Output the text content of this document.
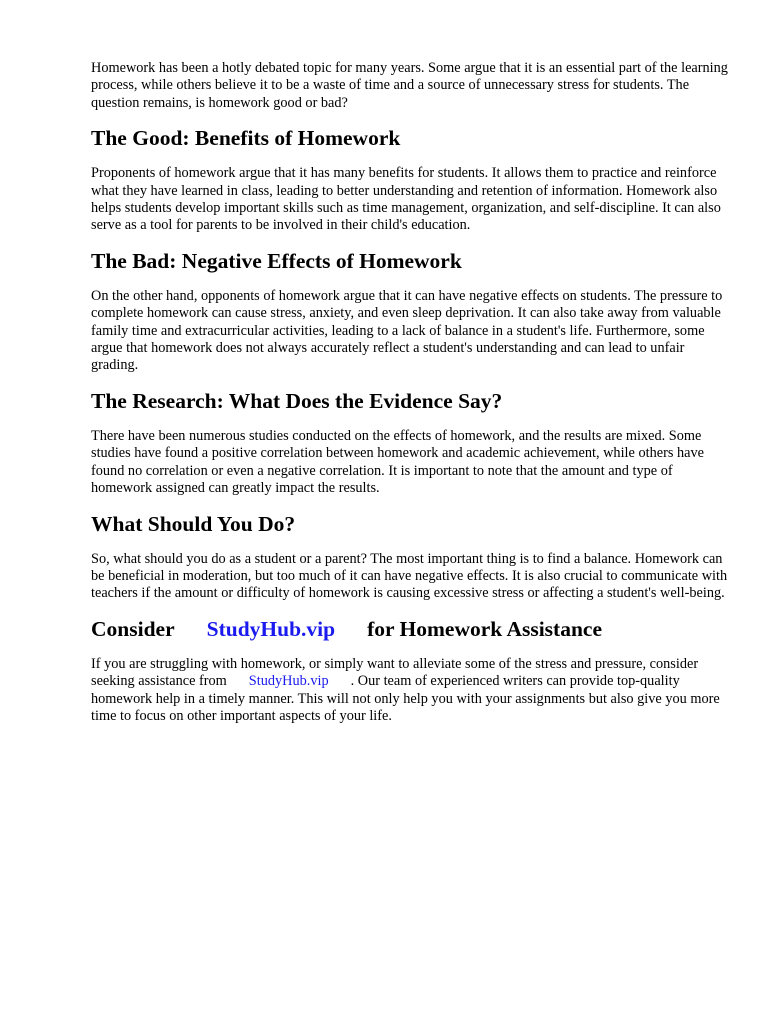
Homework has been a hotly debated topic for many years. Some argue that it is an essential part of the learning process, while others believe it to be a waste of time and a source of unnecessary stress for students. The question remains, is homework good or bad?

The Good: Benefits of Homework

Proponents of homework argue that it has many benefits for students. It allows them to practice and reinforce what they have learned in class, leading to better understanding and retention of information. Homework also helps students develop important skills such as time management, organization, and self-discipline. It can also serve as a tool for parents to be involved in their child's education.

The Bad: Negative Effects of Homework

On the other hand, opponents of homework argue that it can have negative effects on students. The pressure to complete homework can cause stress, anxiety, and even sleep deprivation. It can also take away from valuable family time and extracurricular activities, leading to a lack of balance in a student's life. Furthermore, some argue that homework does not always accurately reflect a student's understanding and can lead to unfair grading.

The Research: What Does the Evidence Say?

There have been numerous studies conducted on the effects of homework, and the results are mixed. Some studies have found a positive correlation between homework and academic achievement, while others have found no correlation or even a negative correlation. It is important to note that the amount and type of homework assigned can greatly impact the results.

What Should You Do?

So, what should you do as a student or a parent? The most important thing is to find a balance. Homework can be beneficial in moderation, but too much of it can have negative effects. It is also crucial to communicate with teachers if the amount or difficulty of homework is causing excessive stress or affecting a student's well-being.

Consider StudyHub.vip for Homework Assistance

If you are struggling with homework, or simply want to alleviate some of the stress and pressure, consider seeking assistance from StudyHub.vip . Our team of experienced writers can provide top-quality homework help in a timely manner. This will not only help you with your assignments but also give you more time to focus on other important aspects of your life.
